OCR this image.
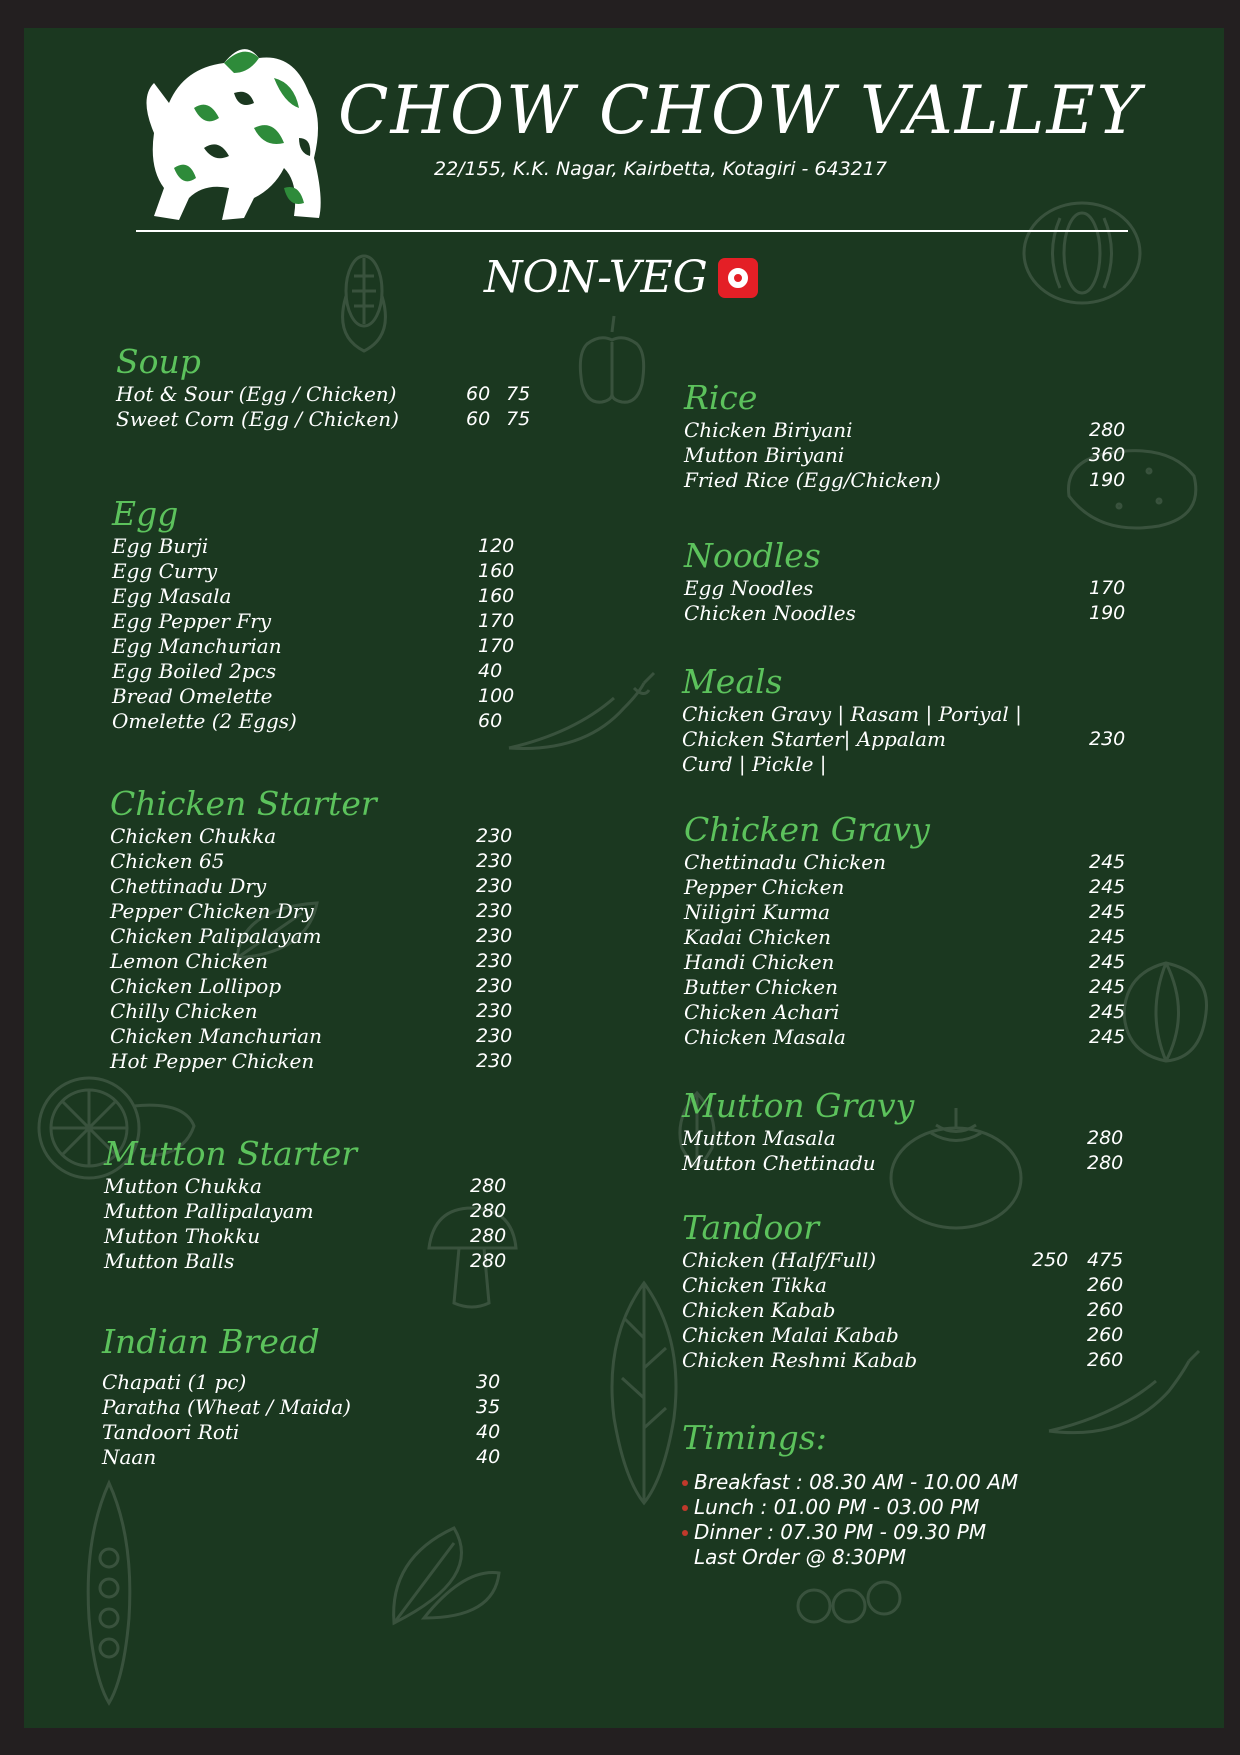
CHOW CHOW VALLEY
22/155, K.K. Nagar, Kairbetta, Kotagiri - 643217
NON-VEG
Soup
Hot & Sour (Egg / Chicken)	60 75
Sweet Corn (Egg / Chicken)	60 75
Egg
Egg Burji	120
Egg Curry	160
Egg Masala	160
Egg Pepper Fry	170
Egg Manchurian	170
Egg Boiled 2pcs	40
Bread Omelette	100
Omelette (2 Eggs)	60
Chicken Starter
Chicken Chukka	230
Chicken 65	230
Chettinadu Dry	230
Pepper Chicken Dry	230
Chicken Palipalayam	230
Lemon Chicken	230
Chicken Lollipop	230
Chilly Chicken	230
Chicken Manchurian	230
Hot Pepper Chicken	230
Mutton Starter
Mutton Chukka	280
Mutton Pallipalayam	280
Mutton Thokku	280
Mutton Balls	280
Indian Bread
Chapati (1 pc)	30
Paratha (Wheat / Maida)	35
Tandoori Roti	40
Naan	40
Rice
Chicken Biriyani	280
Mutton Biriyani	360
Fried Rice (Egg/Chicken)	190
Noodles
Egg Noodles	170
Chicken Noodles	190
Meals
Chicken Gravy | Rasam | Poriyal |
Chicken Starter| Appalam	230
Curd | Pickle |
Chicken Gravy
Chettinadu Chicken	245
Pepper Chicken	245
Niligiri Kurma	245
Kadai Chicken	245
Handi Chicken	245
Butter Chicken	245
Chicken Achari	245
Chicken Masala	245
Mutton Gravy
Mutton Masala	280
Mutton Chettinadu	280
Tandoor
Chicken (Half/Full)	250 475
Chicken Tikka	260
Chicken Kabab	260
Chicken Malai Kabab	260
Chicken Reshmi Kabab	260
Timings:
Breakfast : 08.30 AM - 10.00 AM
Lunch : 01.00 PM - 03.00 PM
Dinner : 07.30 PM - 09.30 PM
Last Order @ 8:30PM
